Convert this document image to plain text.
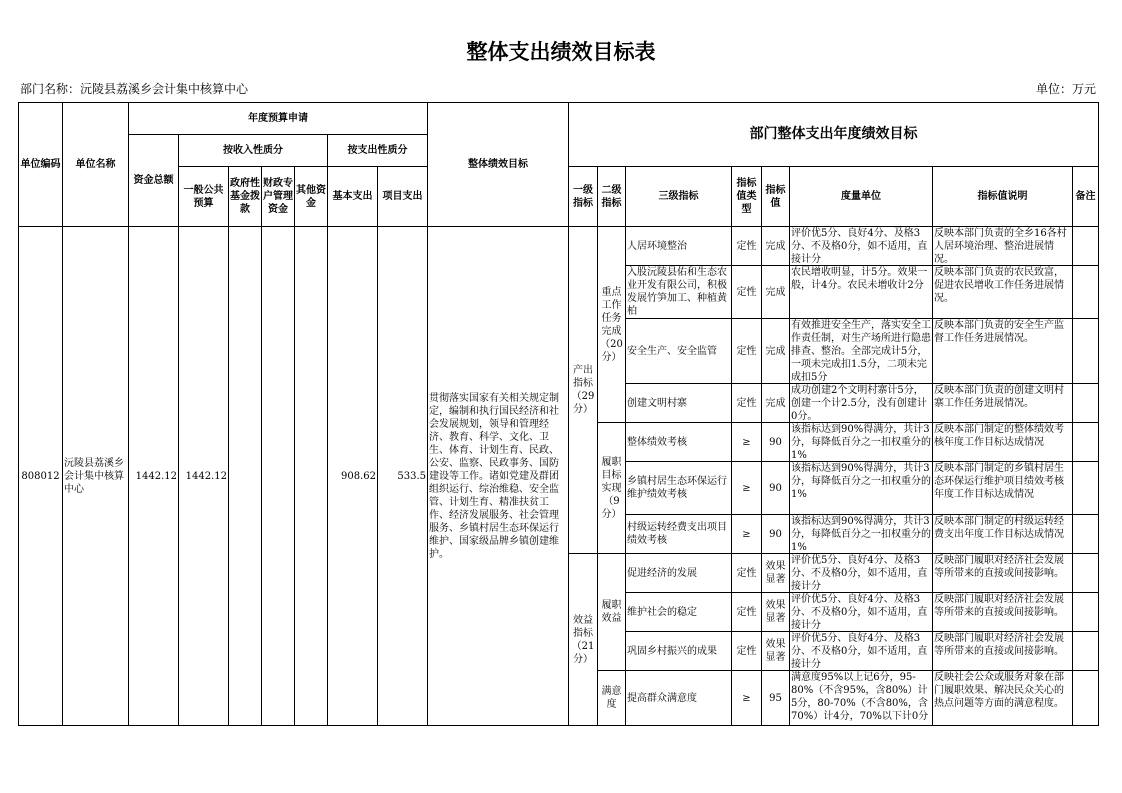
整体支出绩效目标表
部门名称：沅陵县荔溪乡会计集中核算中心	单位：万元
单位编码	单位名称	年度预算申请							整体绩效目标	部门整体支出年度绩效目标							
		资金总额	按收入性质分				按支出性质分										
			一般公共预算	政府性基金拨款	财政专户管理资金	其他资金	基本支出	项目支出		一级指标	二级指标	三级指标	指标值类型	指标值	度量单位	指标值说明	备注

808012	沅陵县荔溪乡会计集中核算中心	1442.12	1442.12				908.62	533.5	贯彻落实国家有关相关规定制定，编制和执行国民经济和社会发展规划，领导和管理经济、教育、科学、文化、卫生、体育、计划生育、民政、公安、监察、民政事务、国防建设等工作。诸如党建及群团组织运行、综治维稳、安全监管、计划生育、精准扶贫工作、经济发展服务、社会管理服务、乡镇村居生态环保运行维护、国家级品牌乡镇创建维护。	产出指标（29分）	重点工作任务完成（20分）	人居环境整治	定性	完成	评价优5分、良好4分、及格3分、不及格0分，如不适用，直接计分	反映本部门负责的全乡16各村人居环境治理、整治进展情况。	

												入股沅陵县佑和生态农业开发有限公司，积极发展竹笋加工、种植黄柏	定性	完成	农民增收明显，计5分。效果一般，计4分。农民未增收计2分	反映本部门负责的农民致富，促进农民增收工作任务进展情况。	

												安全生产、安全监管	定性	完成	有效推进安全生产，落实安全工作责任制，对生产场所进行隐患排查、整治。全部完成计5分，一项未完成扣1.5分，二项未完成扣5分	反映本部门负责的安全生产监督工作任务进展情况。	

												创建文明村寨	定性	完成	成功创建2个文明村寨计5分，创建一个计2.5分，没有创建计0分。	反映本部门负责的创建文明村寨工作任务进展情况。	

											履职目标实现（9分）	整体绩效考核	≥	90	该指标达到90%得满分，共计3分，每降低百分之一扣权重分的1%	反映本部门制定的整体绩效考核年度工作目标达成情况	

												乡镇村居生态环保运行维护绩效考核	≥	90	该指标达到90%得满分，共计3分，每降低百分之一扣权重分的1%	反映本部门制定的乡镇村居生态环保运行维护项目绩效考核年度工作目标达成情况	

												村级运转经费支出项目绩效考核	≥	90	该指标达到90%得满分，共计3分，每降低百分之一扣权重分的1%	反映本部门制定的村级运转经费支出年度工作目标达成情况	

										效益指标（21分）	履职效益	促进经济的发展	定性	效果显著	评价优5分、良好4分、及格3分、不及格0分，如不适用，直接计分	反映部门履职对经济社会发展等所带来的直接或间接影响。	

												维护社会的稳定	定性	效果显著	评价优5分、良好4分、及格3分、不及格0分，如不适用，直接计分	反映部门履职对经济社会发展等所带来的直接或间接影响。	

												巩固乡村振兴的成果	定性	效果显著	评价优5分、良好4分、及格3分、不及格0分，如不适用，直接计分	反映部门履职对经济社会发展等所带来的直接或间接影响。	

											满意度	提高群众满意度	≥	95	满意度95%以上记6分，95-80%（不含95%，含80%）计5分，80-70%（不含80%，含70%）计4分，70%以下计0分	反映社会公众或服务对象在部门履职效果、解决民众关心的热点问题等方面的满意程度。	
